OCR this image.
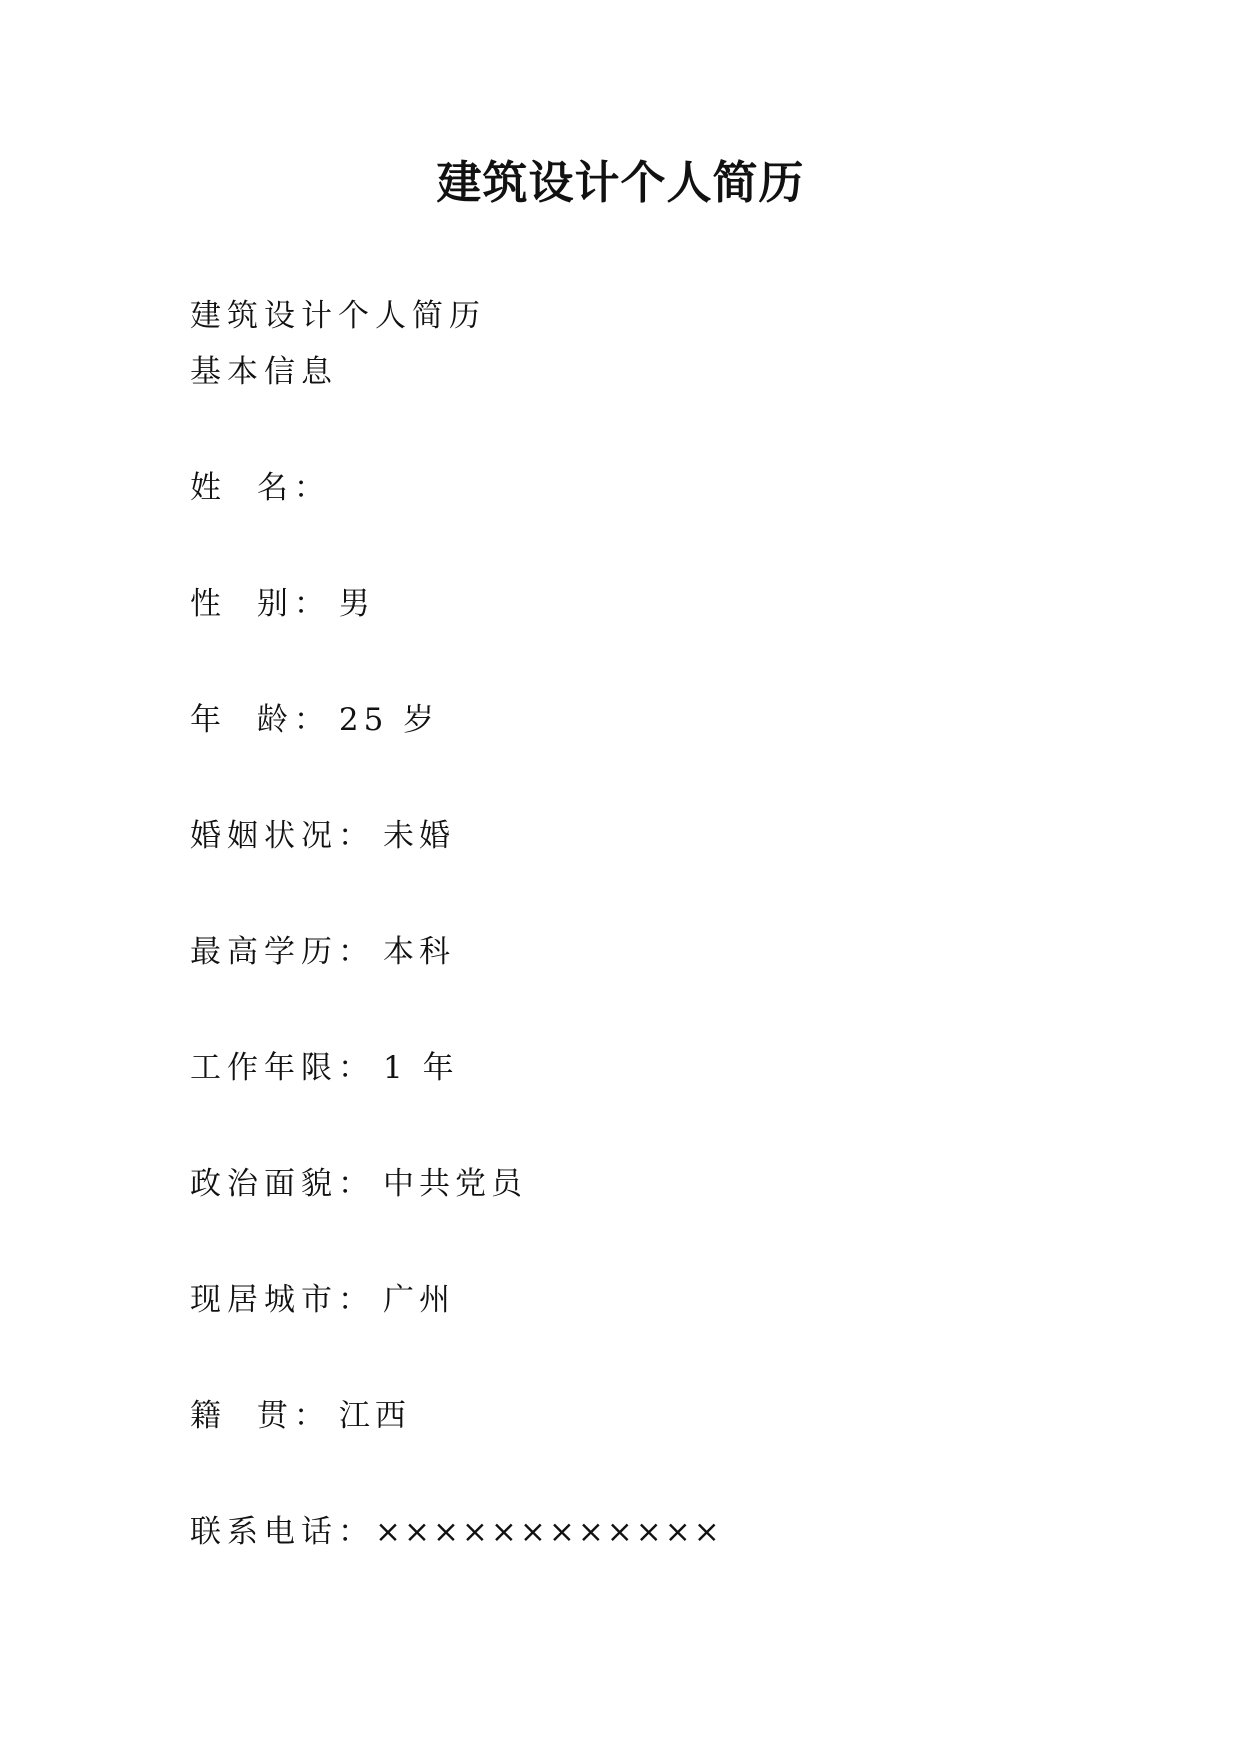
建筑设计个人简历
建筑设计个人简历
基本信息
姓 名：
性 别： 男
年 龄： 25 岁
婚姻状况： 未婚
最高学历： 本科
工作年限： 1 年
政治面貌： 中共党员
现居城市： 广州
籍 贯： 江西
联系电话：××××××××××××
